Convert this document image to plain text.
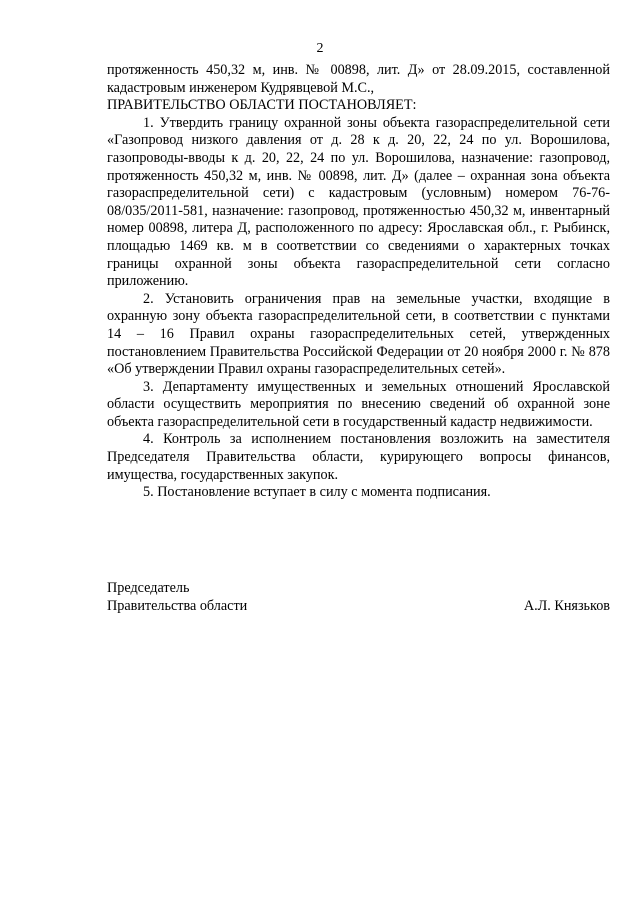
2

протяженность 450,32 м, инв. № 00898, лит. Д» от 28.09.2015, составленной кадастровым инженером Кудрявцевой М.С.,

ПРАВИТЕЛЬСТВО ОБЛАСТИ ПОСТАНОВЛЯЕТ:

1. Утвердить границу охранной зоны объекта газораспределительной сети «Газопровод низкого давления от д. 28 к д. 20, 22, 24 по ул. Ворошилова, газопроводы-вводы к д. 20, 22, 24 по ул. Ворошилова, назначение: газопровод, протяженность 450,32 м, инв. № 00898, лит. Д» (далее – охранная зона объекта газораспределительной сети) с кадастровым (условным) номером 76-76-08/035/2011-581, назначение: газопровод, протяженностью 450,32 м, инвентарный номер 00898, литера Д, расположенного по адресу: Ярославская обл., г. Рыбинск, площадью 1469 кв. м в соответствии со сведениями о характерных точках границы охранной зоны объекта газораспределительной сети согласно приложению.

2. Установить ограничения прав на земельные участки, входящие в охранную зону объекта газораспределительной сети, в соответствии с пунктами 14 – 16 Правил охраны газораспределительных сетей, утвержденных постановлением Правительства Российской Федерации от 20 ноября 2000 г. № 878 «Об утверждении Правил охраны газораспределительных сетей».

3. Департаменту имущественных и земельных отношений Ярославской области осуществить мероприятия по внесению сведений об охранной зоне объекта газораспределительной сети в государственный кадастр недвижимости.

4. Контроль за исполнением постановления возложить на заместителя Председателя Правительства области, курирующего вопросы финансов, имущества, государственных закупок.

5. Постановление вступает в силу с момента подписания.

Председатель
Правительства области	А.Л. Князьков
